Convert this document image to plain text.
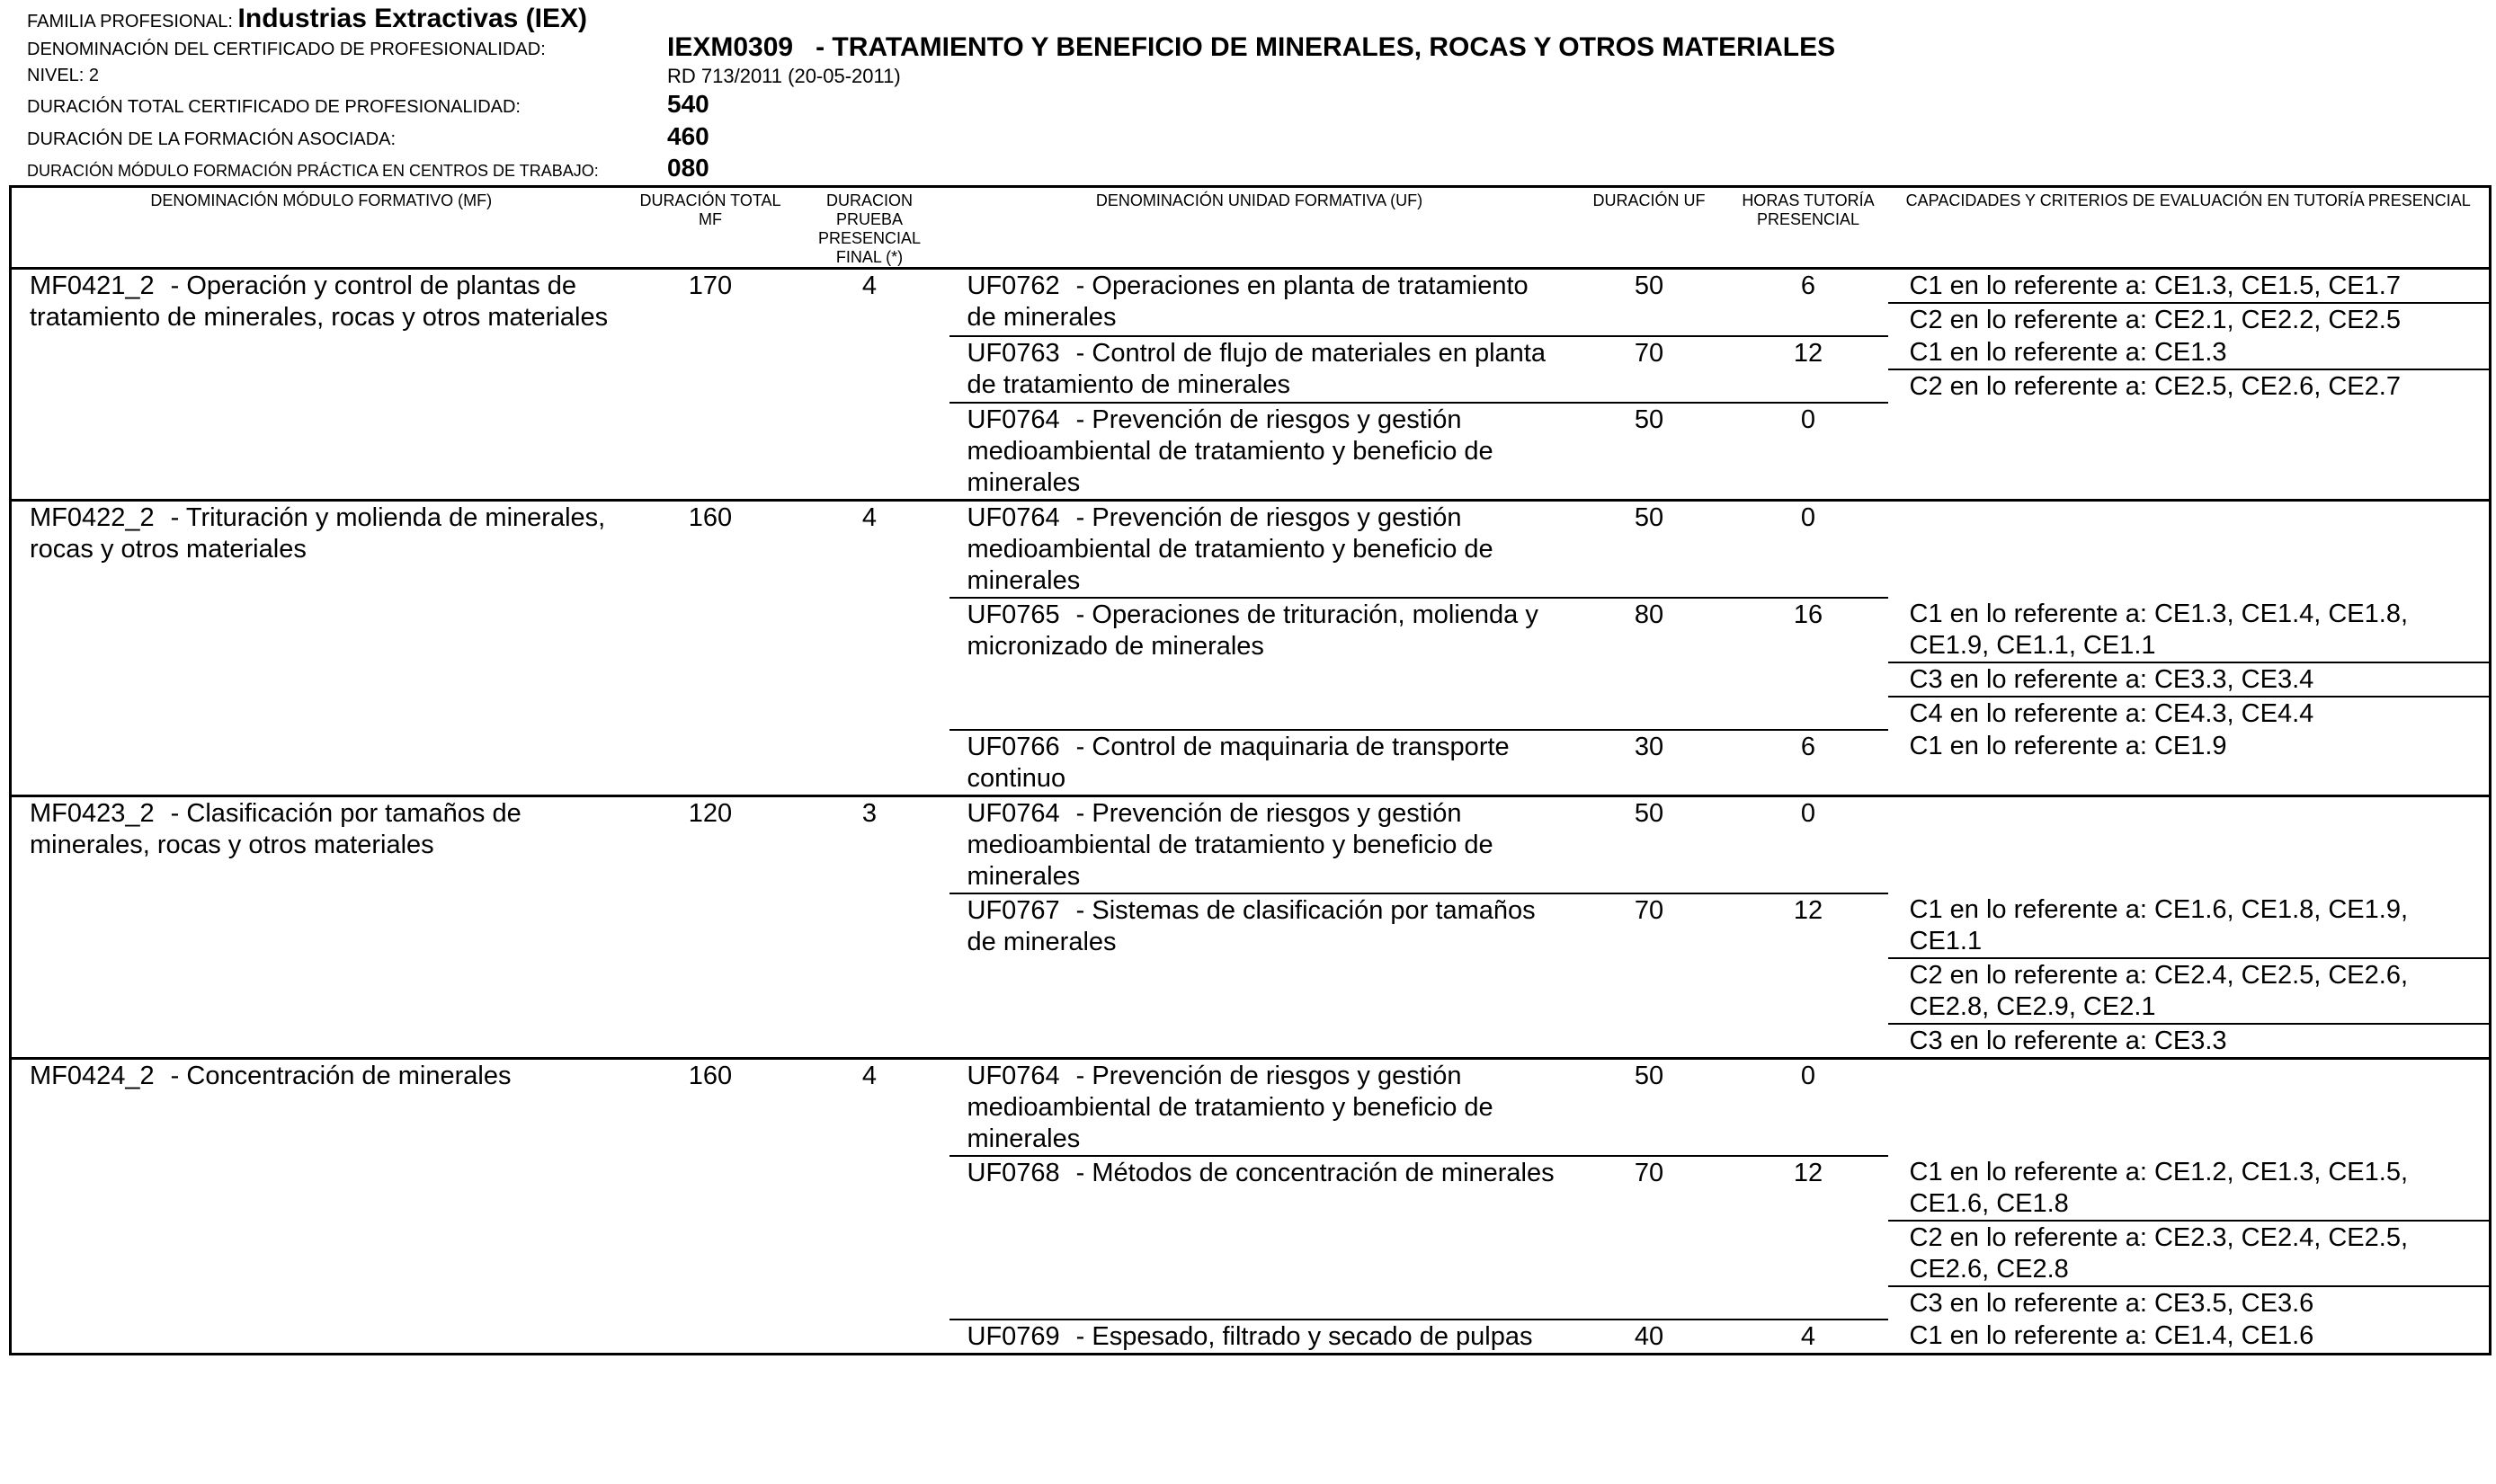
FAMILIA PROFESIONAL: Industrias Extractivas (IEX)
DENOMINACIÓN DEL CERTIFICADO DE PROFESIONALIDAD:	IEXM0309 - TRATAMIENTO Y BENEFICIO DE MINERALES, ROCAS Y OTROS MATERIALES
NIVEL: 2	RD 713/2011 (20-05-2011)
DURACIÓN TOTAL CERTIFICADO DE PROFESIONALIDAD:	540
DURACIÓN DE LA FORMACIÓN ASOCIADA:	460
DURACIÓN MÓDULO FORMACIÓN PRÁCTICA EN CENTROS DE TRABAJO:	080
DENOMINACIÓN MÓDULO FORMATIVO (MF)	DURACIÓN TOTAL MF	DURACION PRUEBA PRESENCIAL FINAL (*)	DENOMINACIÓN UNIDAD FORMATIVA (UF)	DURACIÓN UF	HORAS TUTORÍA PRESENCIAL	CAPACIDADES Y CRITERIOS DE EVALUACIÓN EN TUTORÍA PRESENCIAL
MF0421_2 - Operación y control de plantas de tratamiento de minerales, rocas y otros materiales	170	4	UF0762 - Operaciones en planta de tratamiento de minerales	50	6	C1 en lo referente a: CE1.3, CE1.5, CE1.7
						C2 en lo referente a: CE2.1, CE2.2, CE2.5
			UF0763 - Control de flujo de materiales en planta de tratamiento de minerales	70	12	C1 en lo referente a: CE1.3
						C2 en lo referente a: CE2.5, CE2.6, CE2.7
			UF0764 - Prevención de riesgos y gestión medioambiental de tratamiento y beneficio de minerales	50	0	
MF0422_2 - Trituración y molienda de minerales, rocas y otros materiales	160	4	UF0764 - Prevención de riesgos y gestión medioambiental de tratamiento y beneficio de minerales	50	0	
			UF0765 - Operaciones de trituración, molienda y micronizado de minerales	80	16	C1 en lo referente a: CE1.3, CE1.4, CE1.8, CE1.9, CE1.1, CE1.1
						C3 en lo referente a: CE3.3, CE3.4
						C4 en lo referente a: CE4.3, CE4.4
			UF0766 - Control de maquinaria de transporte continuo	30	6	C1 en lo referente a: CE1.9
MF0423_2 - Clasificación por tamaños de minerales, rocas y otros materiales	120	3	UF0764 - Prevención de riesgos y gestión medioambiental de tratamiento y beneficio de minerales	50	0	
			UF0767 - Sistemas de clasificación por tamaños de minerales	70	12	C1 en lo referente a: CE1.6, CE1.8, CE1.9, CE1.1
						C2 en lo referente a: CE2.4, CE2.5, CE2.6, CE2.8, CE2.9, CE2.1
						C3 en lo referente a: CE3.3
MF0424_2 - Concentración de minerales	160	4	UF0764 - Prevención de riesgos y gestión medioambiental de tratamiento y beneficio de minerales	50	0	
			UF0768 - Métodos de concentración de minerales	70	12	C1 en lo referente a: CE1.2, CE1.3, CE1.5, CE1.6, CE1.8
						C2 en lo referente a: CE2.3, CE2.4, CE2.5, CE2.6, CE2.8
						C3 en lo referente a: CE3.5, CE3.6
			UF0769 - Espesado, filtrado y secado de pulpas	40	4	C1 en lo referente a: CE1.4, CE1.6
